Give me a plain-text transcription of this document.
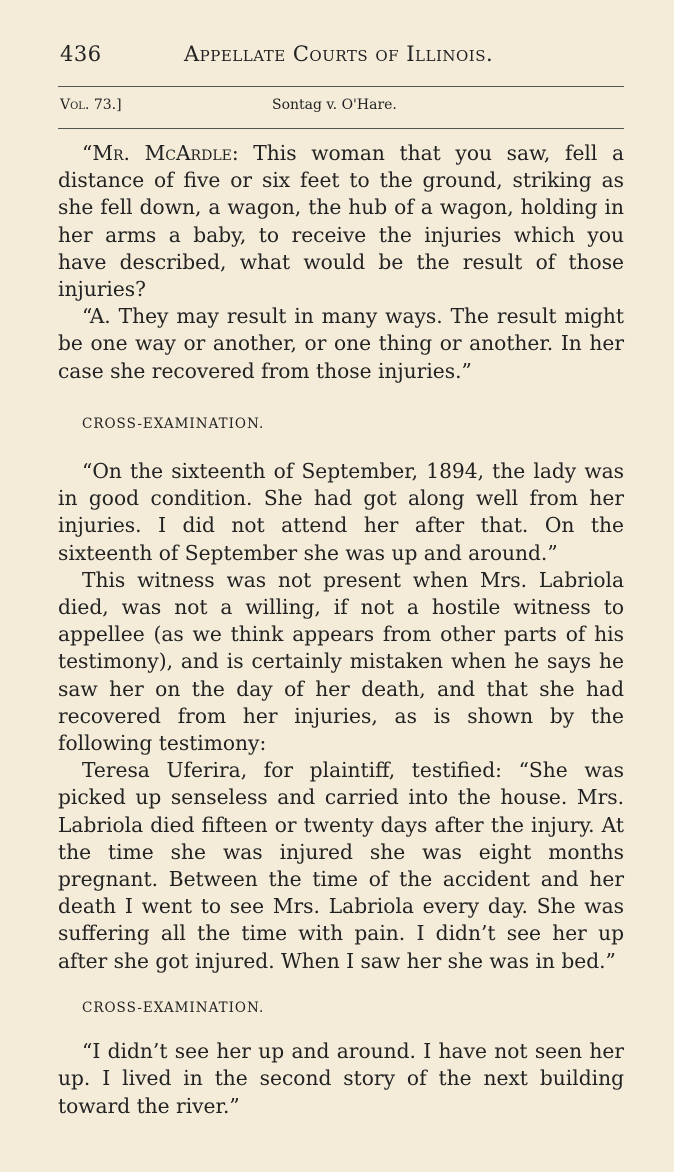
436	Appellate Courts of Illinois.
Vol. 73.]	Sontag v. O'Hare.

“Mr. McArdle: This woman that you saw, fell a distance of five or six feet to the ground, striking as she fell down, a wagon, the hub of a wagon, holding in her arms a baby, to receive the injuries which you have described, what would be the result of those injuries?

“A. They may result in many ways. The result might be one way or another, or one thing or another. In her case she recovered from those injuries.”

CROSS-EXAMINATION.

“On the sixteenth of September, 1894, the lady was in good condition. She had got along well from her injuries. I did not attend her after that. On the sixteenth of September she was up and around.”

This witness was not present when Mrs. Labriola died, was not a willing, if not a hostile witness to appellee (as we think appears from other parts of his testimony), and is certainly mistaken when he says he saw her on the day of her death, and that she had recovered from her injuries, as is shown by the following testimony:

Teresa Uferira, for plaintiff, testified: “She was picked up senseless and carried into the house. Mrs. Labriola died fifteen or twenty days after the injury. At the time she was injured she was eight months pregnant. Between the time of the accident and her death I went to see Mrs. Labriola every day. She was suffering all the time with pain. I didn’t see her up after she got injured. When I saw her she was in bed.”

CROSS-EXAMINATION.

“I didn’t see her up and around. I have not seen her up. I lived in the second story of the next building toward the river.”
